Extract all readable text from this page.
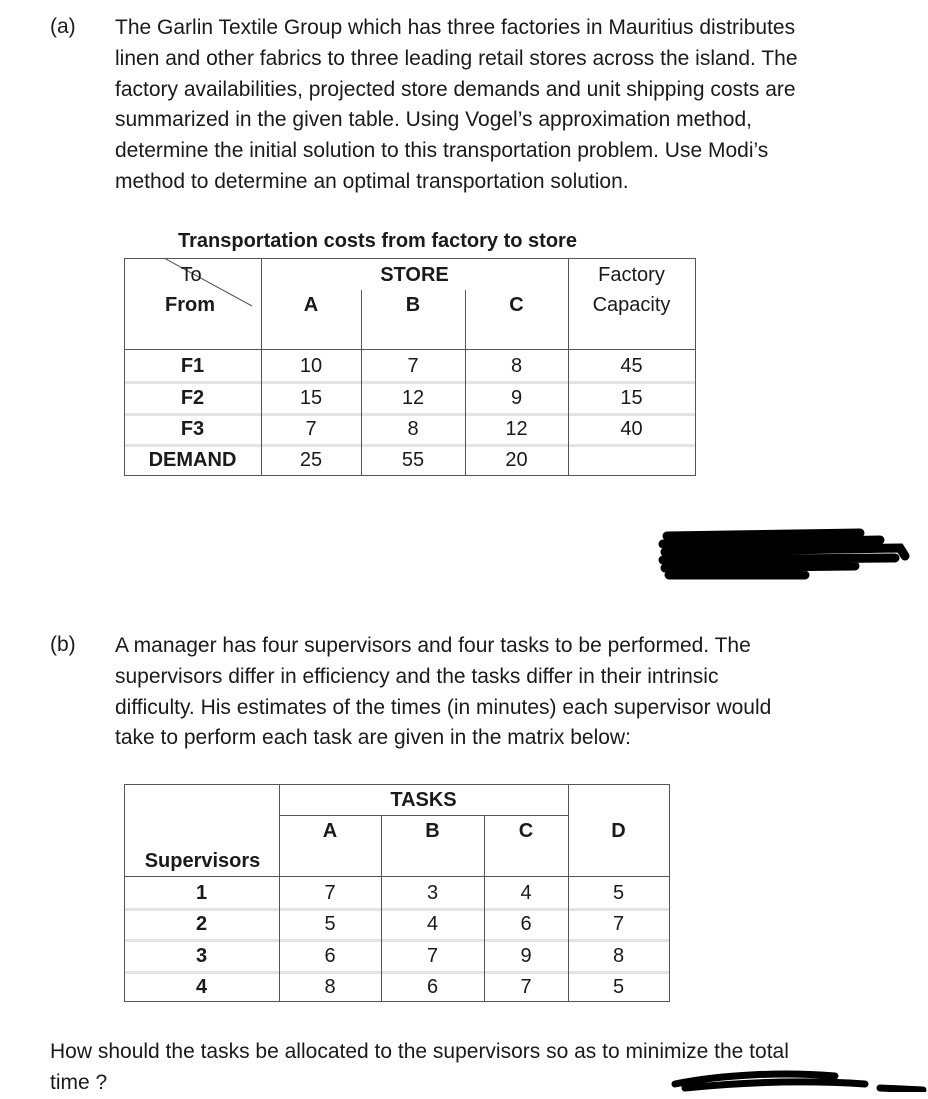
(a) The Garlin Textile Group which has three factories in Mauritius distributes
linen and other fabrics to three leading retail stores across the island. The
factory availabilities, projected store demands and unit shipping costs are
summarized in the given table. Using Vogel’s approximation method,
determine the initial solution to this transportation problem. Use Modi’s
method to determine an optimal transportation solution.
Transportation costs from factory to store
To
From
STORE
A	B	C
Factory
Capacity
F1	10	7	8	45
F2	15	12	9	15
F3	7	8	12	40
DEMAND	25	55	20
(b) A manager has four supervisors and four tasks to be performed. The
supervisors differ in efficiency and the tasks differ in their intrinsic
difficulty. His estimates of the times (in minutes) each supervisor would
take to perform each task are given in the matrix below:
TASKS
A	B	C	D
Supervisors
1	7	3	4	5
2	5	4	6	7
3	6	7	9	8
4	8	6	7	5
How should the tasks be allocated to the supervisors so as to minimize the total
time ?
